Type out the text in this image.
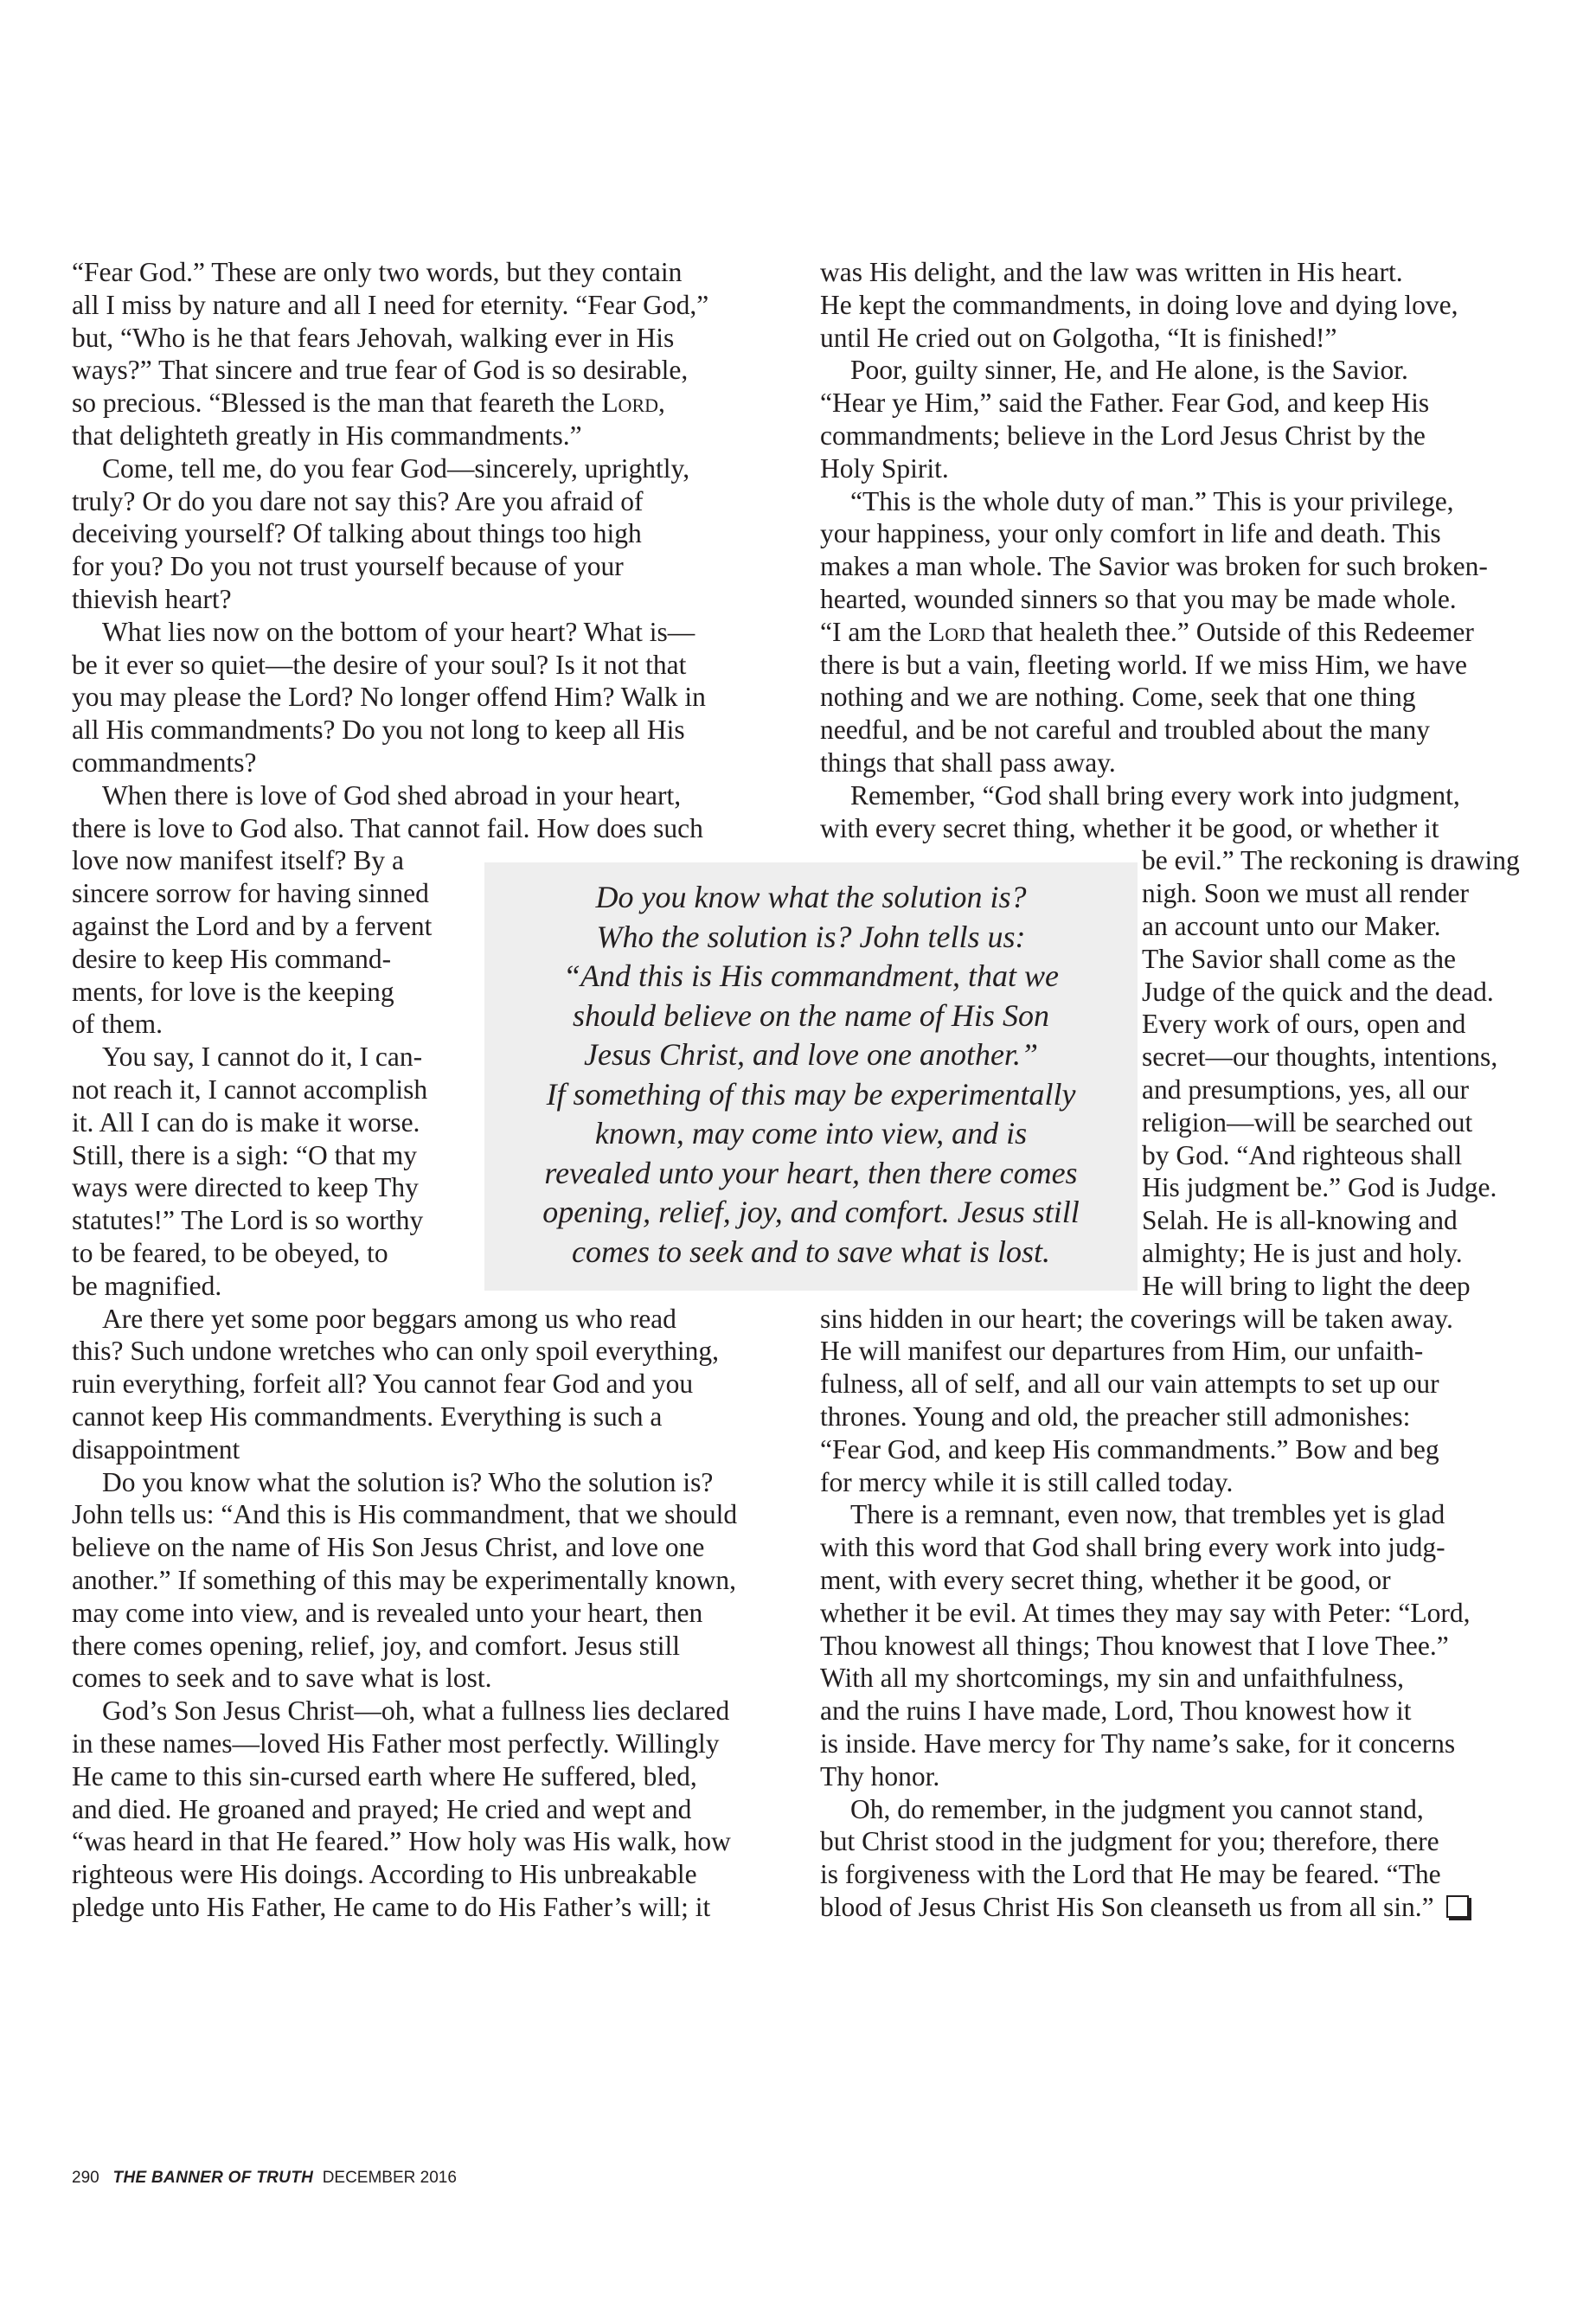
“Fear God.” These are only two words, but they contain
all I miss by nature and all I need for eternity. “Fear God,”
but, “Who is he that fears Jehovah, walking ever in His
ways?” That sincere and true fear of God is so desirable,
so precious. “Blessed is the man that feareth the Lord,
that delighteth greatly in His commandments.”
Come, tell me, do you fear God—sincerely, uprightly,
truly? Or do you dare not say this? Are you afraid of
deceiving yourself? Of talking about things too high
for you? Do you not trust yourself because of your
thievish heart?
What lies now on the bottom of your heart? What is—
be it ever so quiet—the desire of your soul? Is it not that
you may please the Lord? No longer offend Him? Walk in
all His commandments? Do you not long to keep all His
commandments?
When there is love of God shed abroad in your heart,
there is love to God also. That cannot fail. How does such
love now manifest itself? By a
sincere sorrow for having sinned
against the Lord and by a fervent
desire to keep His command-
ments, for love is the keeping
of them.
You say, I cannot do it, I can-
not reach it, I cannot accomplish
it. All I can do is make it worse.
Still, there is a sigh: “O that my
ways were directed to keep Thy
statutes!” The Lord is so worthy
to be feared, to be obeyed, to
be magnified.
Are there yet some poor beggars among us who read
this? Such undone wretches who can only spoil everything,
ruin everything, forfeit all? You cannot fear God and you
cannot keep His commandments. Everything is such a
disappointment
Do you know what the solution is? Who the solution is?
John tells us: “And this is His commandment, that we should
believe on the name of His Son Jesus Christ, and love one
another.” If something of this may be experimentally known,
may come into view, and is revealed unto your heart, then
there comes opening, relief, joy, and comfort. Jesus still
comes to seek and to save what is lost.
God’s Son Jesus Christ—oh, what a fullness lies declared
in these names—loved His Father most perfectly. Willingly
He came to this sin-cursed earth where He suffered, bled,
and died. He groaned and prayed; He cried and wept and
“was heard in that He feared.” How holy was His walk, how
righteous were His doings. According to His unbreakable
pledge unto His Father, He came to do His Father’s will; it
was His delight, and the law was written in His heart.
He kept the commandments, in doing love and dying love,
until He cried out on Golgotha, “It is finished!”
Poor, guilty sinner, He, and He alone, is the Savior.
“Hear ye Him,” said the Father. Fear God, and keep His
commandments; believe in the Lord Jesus Christ by the
Holy Spirit.
“This is the whole duty of man.” This is your privilege,
your happiness, your only comfort in life and death. This
makes a man whole. The Savior was broken for such broken-
hearted, wounded sinners so that you may be made whole.
“I am the Lord that healeth thee.” Outside of this Redeemer
there is but a vain, fleeting world. If we miss Him, we have
nothing and we are nothing. Come, seek that one thing
needful, and be not careful and troubled about the many
things that shall pass away.
Remember, “God shall bring every work into judgment,
with every secret thing, whether it be good, or whether it
be evil.” The reckoning is drawing
nigh. Soon we must all render
an account unto our Maker.
The Savior shall come as the
Judge of the quick and the dead.
Every work of ours, open and
secret—our thoughts, intentions,
and presumptions, yes, all our
religion—will be searched out
by God. “And righteous shall
His judgment be.” God is Judge.
Selah. He is all-knowing and
almighty; He is just and holy.
He will bring to light the deep
sins hidden in our heart; the coverings will be taken away.
He will manifest our departures from Him, our unfaith-
fulness, all of self, and all our vain attempts to set up our
thrones. Young and old, the preacher still admonishes:
“Fear God, and keep His commandments.” Bow and beg
for mercy while it is still called today.
There is a remnant, even now, that trembles yet is glad
with this word that God shall bring every work into judg-
ment, with every secret thing, whether it be good, or
whether it be evil. At times they may say with Peter: “Lord,
Thou knowest all things; Thou knowest that I love Thee.”
With all my shortcomings, my sin and unfaithfulness,
and the ruins I have made, Lord, Thou knowest how it
is inside. Have mercy for Thy name’s sake, for it concerns
Thy honor.
Oh, do remember, in the judgment you cannot stand,
but Christ stood in the judgment for you; therefore, there
is forgiveness with the Lord that He may be feared. “The
blood of Jesus Christ His Son cleanseth us from all sin.”
Do you know what the solution is?
Who the solution is? John tells us:
“And this is His commandment, that we
should believe on the name of His Son
Jesus Christ, and love one another.”
If something of this may be experimentally
known, may come into view, and is
revealed unto your heart, then there comes
opening, relief, joy, and comfort. Jesus still
comes to seek and to save what is lost.
290 THE BANNER OF TRUTH DECEMBER 2016
